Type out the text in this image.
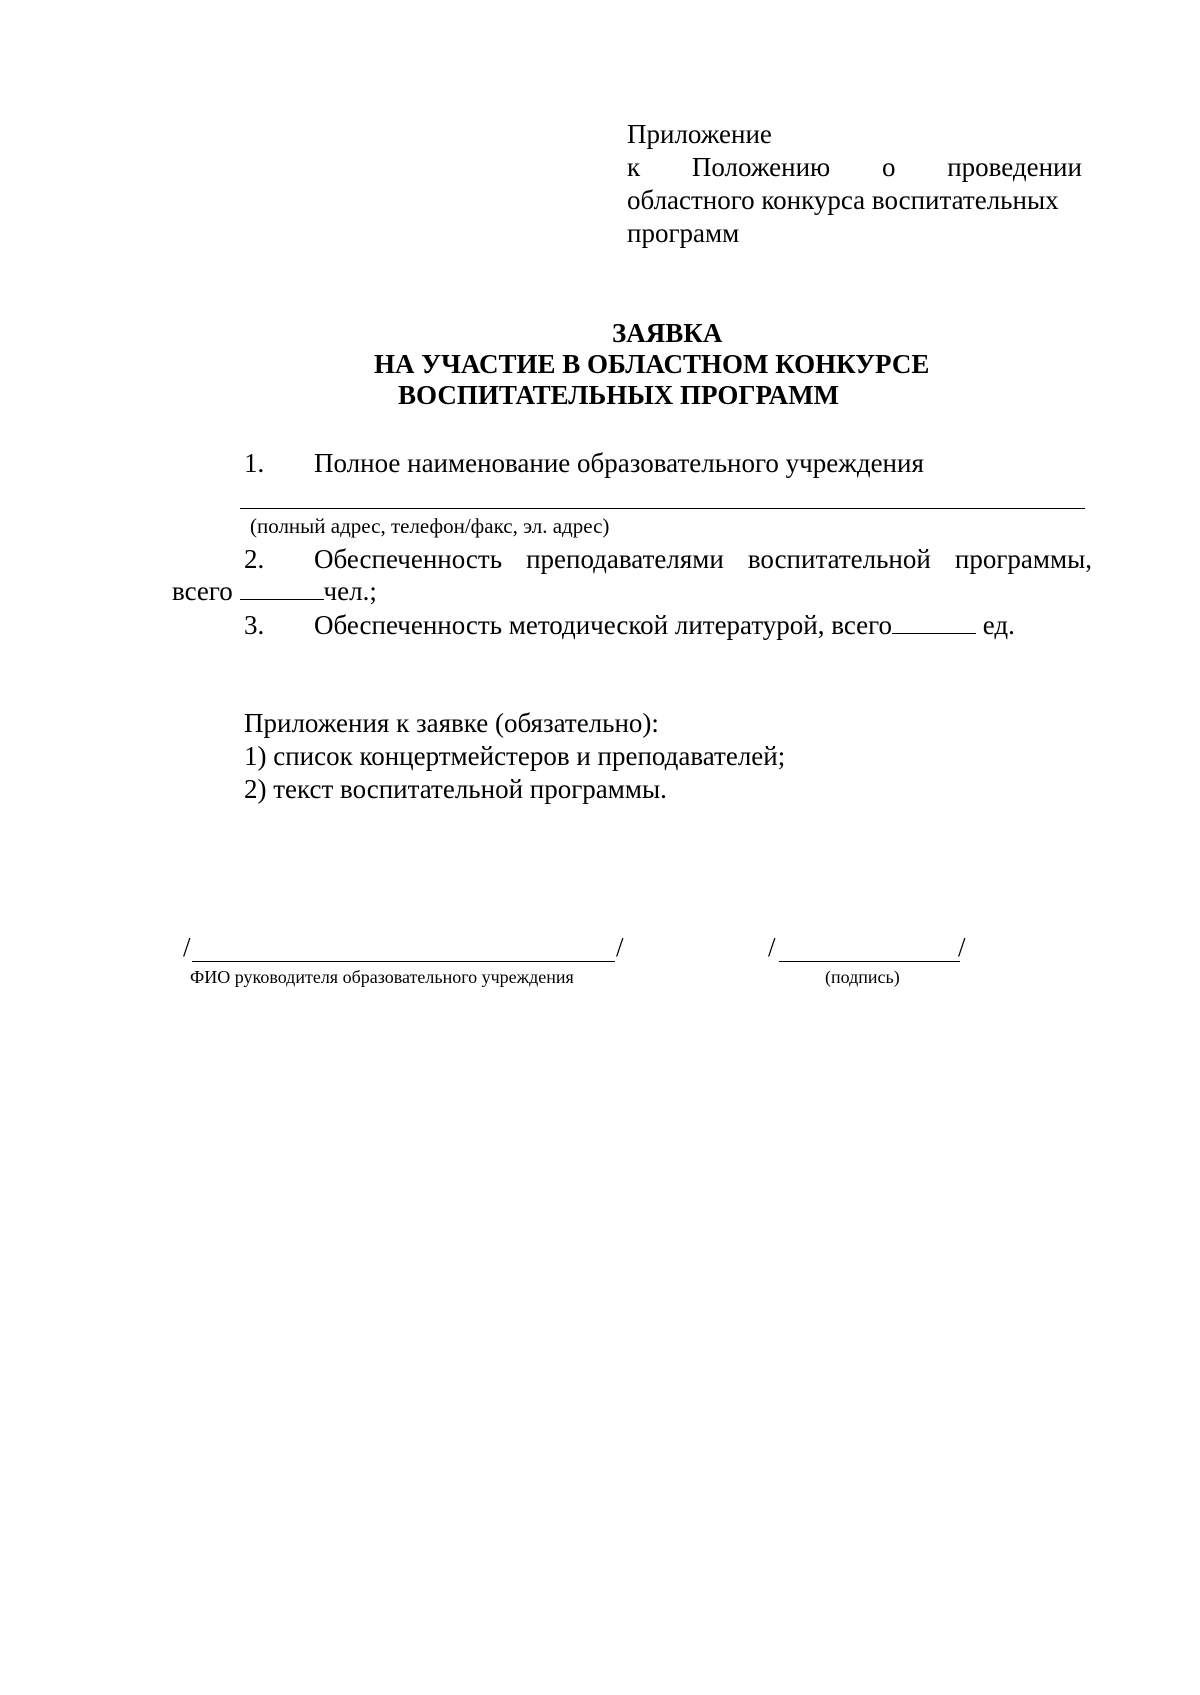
Приложение
к Положению о проведении
областного конкурса воспитательных
программ
ЗАЯВКА
НА УЧАСТИЕ В ОБЛАСТНОМ КОНКУРСЕ
ВОСПИТАТЕЛЬНЫХ ПРОГРАММ
1. Полное наименование образовательного учреждения
(полный адрес, телефон/факс, эл. адрес)
2. Обеспеченность преподавателями воспитательной программы,
всего	чел.;
3. Обеспеченность методической литературой, всего	ед.
Приложения к заявке (обязательно):
1) список концертмейстеров и преподавателей;
2) текст воспитательной программы.
/	/
ФИО руководителя образовательного учреждения
/	/
(подпись)
